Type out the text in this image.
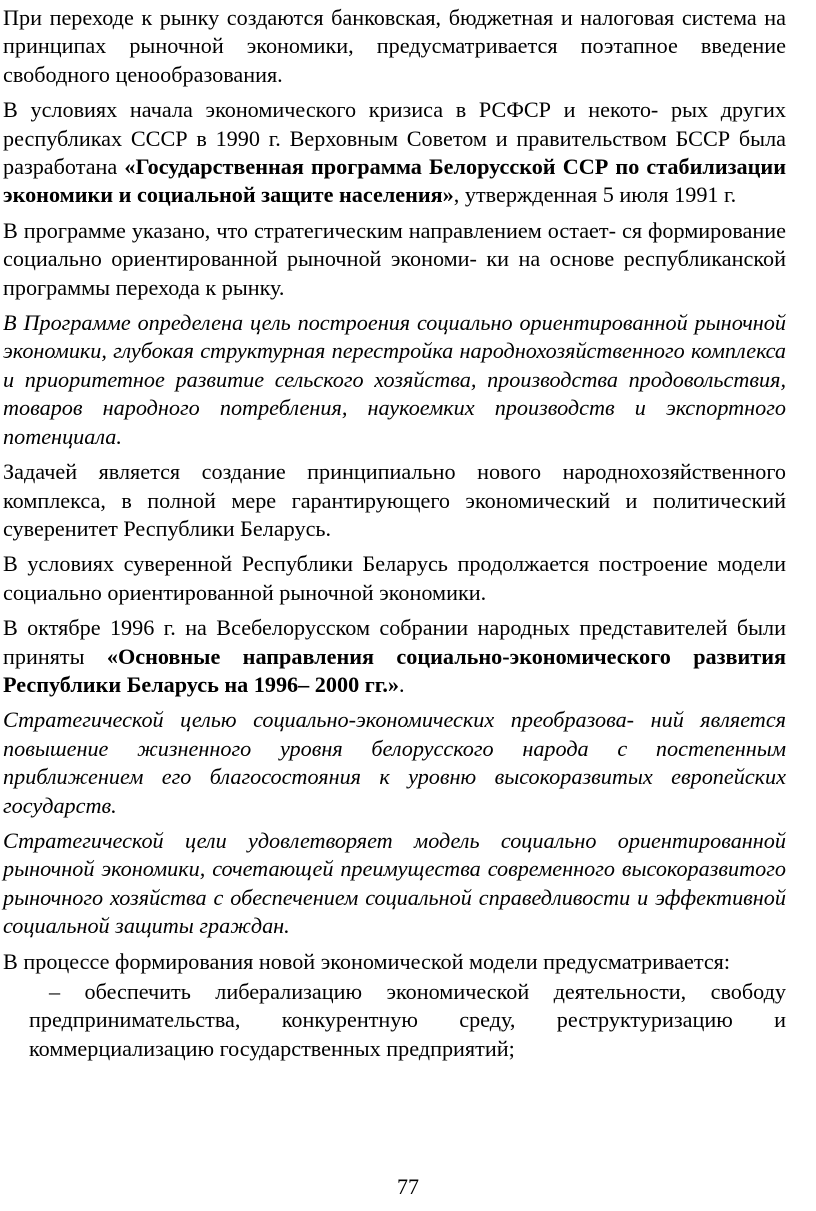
При переходе к рынку создаются банковская, бюджетная и налоговая система на принципах рыночной экономики, предусматривается поэтапное введение свободного ценообразования.

В условиях начала экономического кризиса в РСФСР и некото- рых других республиках СССР в 1990 г. Верховным Советом и правительством БССР была разработана «Государственная программа Белорусской ССР по стабилизации экономики и социальной защите населения», утвержденная 5 июля 1991 г.

В программе указано, что стратегическим направлением остает- ся формирование социально ориентированной рыночной экономи- ки на основе республиканской программы перехода к рынку.

В Программе определена цель построения социально ориентированной рыночной экономики, глубокая структурная перестройка народнохозяйственного комплекса и приоритетное развитие сельского хозяйства, производства продовольствия, товаров народного потребления, наукоемких производств и экспортного потенциала.

Задачей является создание принципиально нового народнохозяйственного комплекса, в полной мере гарантирующего экономический и политический суверенитет Республики Беларусь.

В условиях суверенной Республики Беларусь продолжается построение модели социально ориентированной рыночной экономики.

В октябре 1996 г. на Всебелорусском собрании народных представителей были приняты «Основные направления социально-экономического развития Республики Беларусь на 1996– 2000 гг.».

Стратегической целью социально-экономических преобразова- ний является повышение жизненного уровня белорусского народа с постепенным приближением его благосостояния к уровню высокоразвитых европейских государств.

Стратегической цели удовлетворяет модель социально ориентированной рыночной экономики, сочетающей преимущества современного высокоразвитого рыночного хозяйства с обеспечением социальной справедливости и эффективной социальной защиты граждан.

В процессе формирования новой экономической модели предусматривается:

– обеспечить либерализацию экономической деятельности, свободу предпринимательства, конкурентную среду, реструктуризацию и коммерциализацию государственных предприятий;

77
